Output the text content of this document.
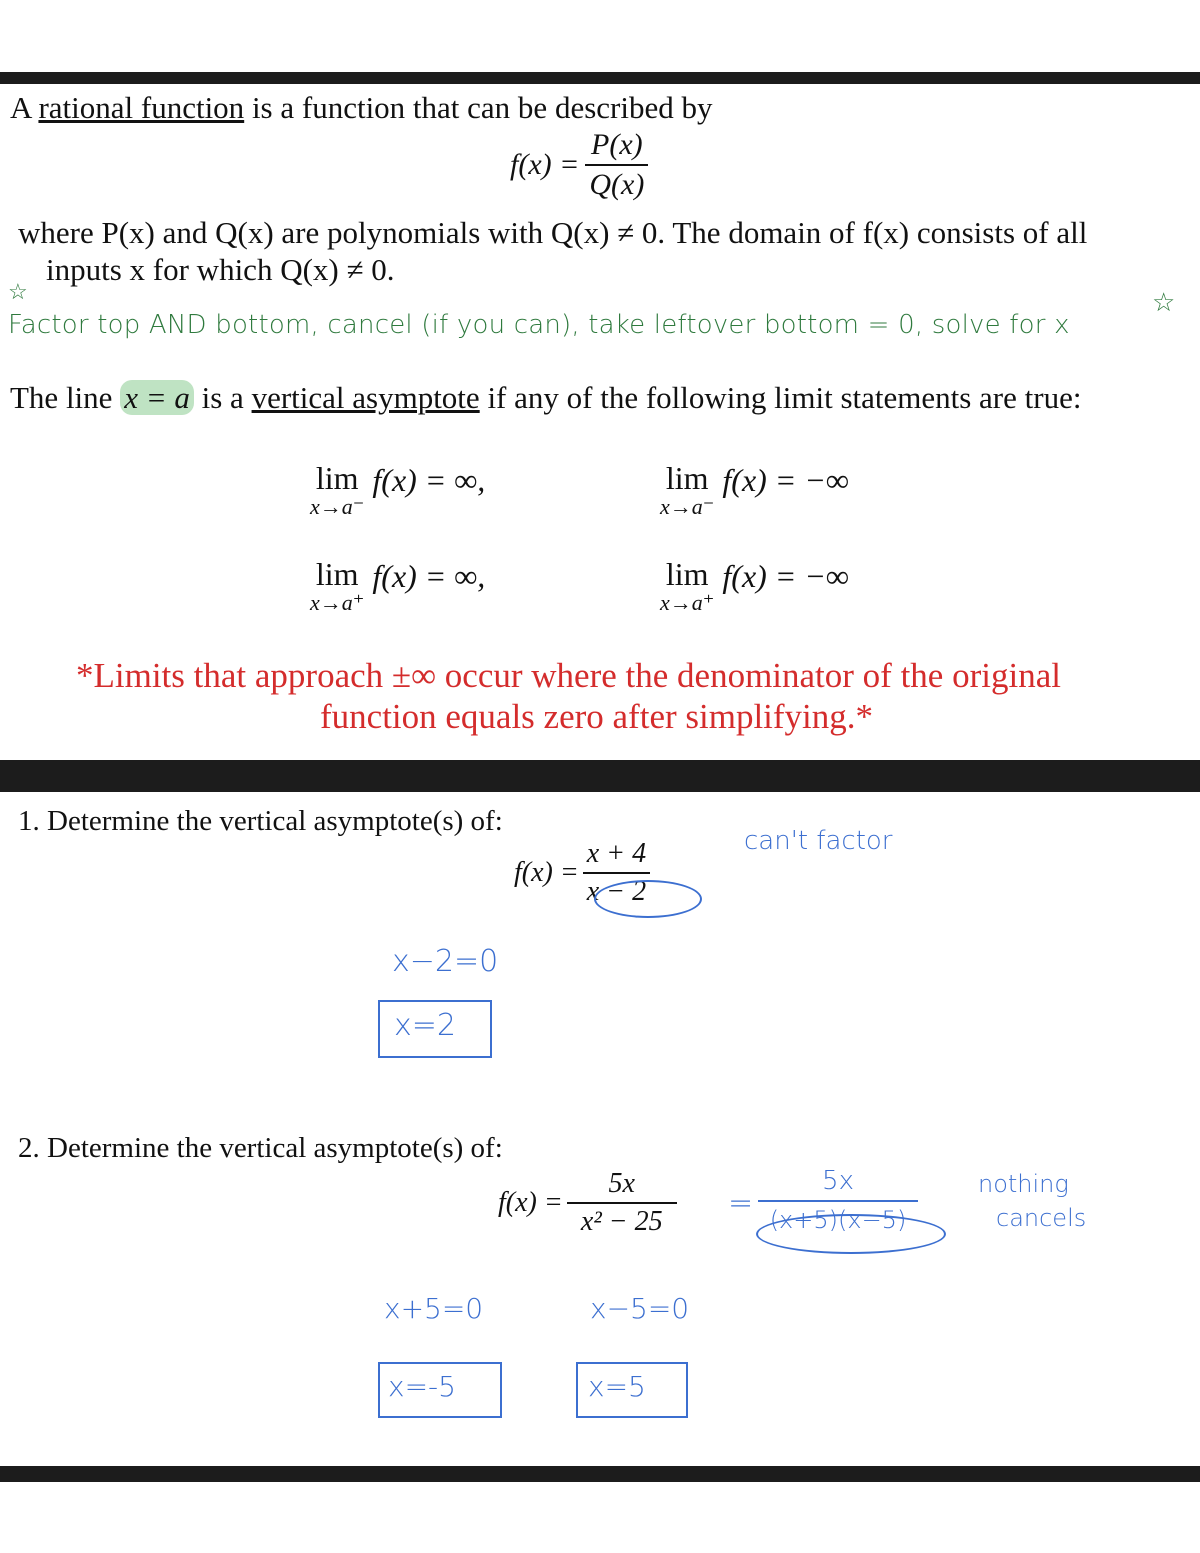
A rational function is a function that can be described by
$f(x) = \frac{P(x)}{Q(x)}$
where P(x) and Q(x) are polynomials with Q(x) ≠ 0. The domain of f(x) consists of all
inputs x for which Q(x) ≠ 0.
☆
Factor top AND bottom, cancel (if you can), take leftover bottom = 0, solve for x
☆
The line x = a is a vertical asymptote if any of the following limit statements are true:
lim
x→a⁻
f(x) = ∞,	lim
x→a⁻
f(x) = −∞
lim
x→a⁺
f(x) = ∞,	lim
x→a⁺
f(x) = −∞
*Limits that approach ±∞ occur where the denominator of the original
function equals zero after simplifying.*
1. Determine the vertical asymptote(s) of:
$f(x) = \frac{x + 4}{x - 2}$	can't factor
x−2=0
x=2
2. Determine the vertical asymptote(s) of:
$f(x) = \frac{5x}{\text{x² − 25}}$ =
5x
(x+5)(x−5)
nothing
cancels
x+5=0	x−5=0
x=-5	x=5
